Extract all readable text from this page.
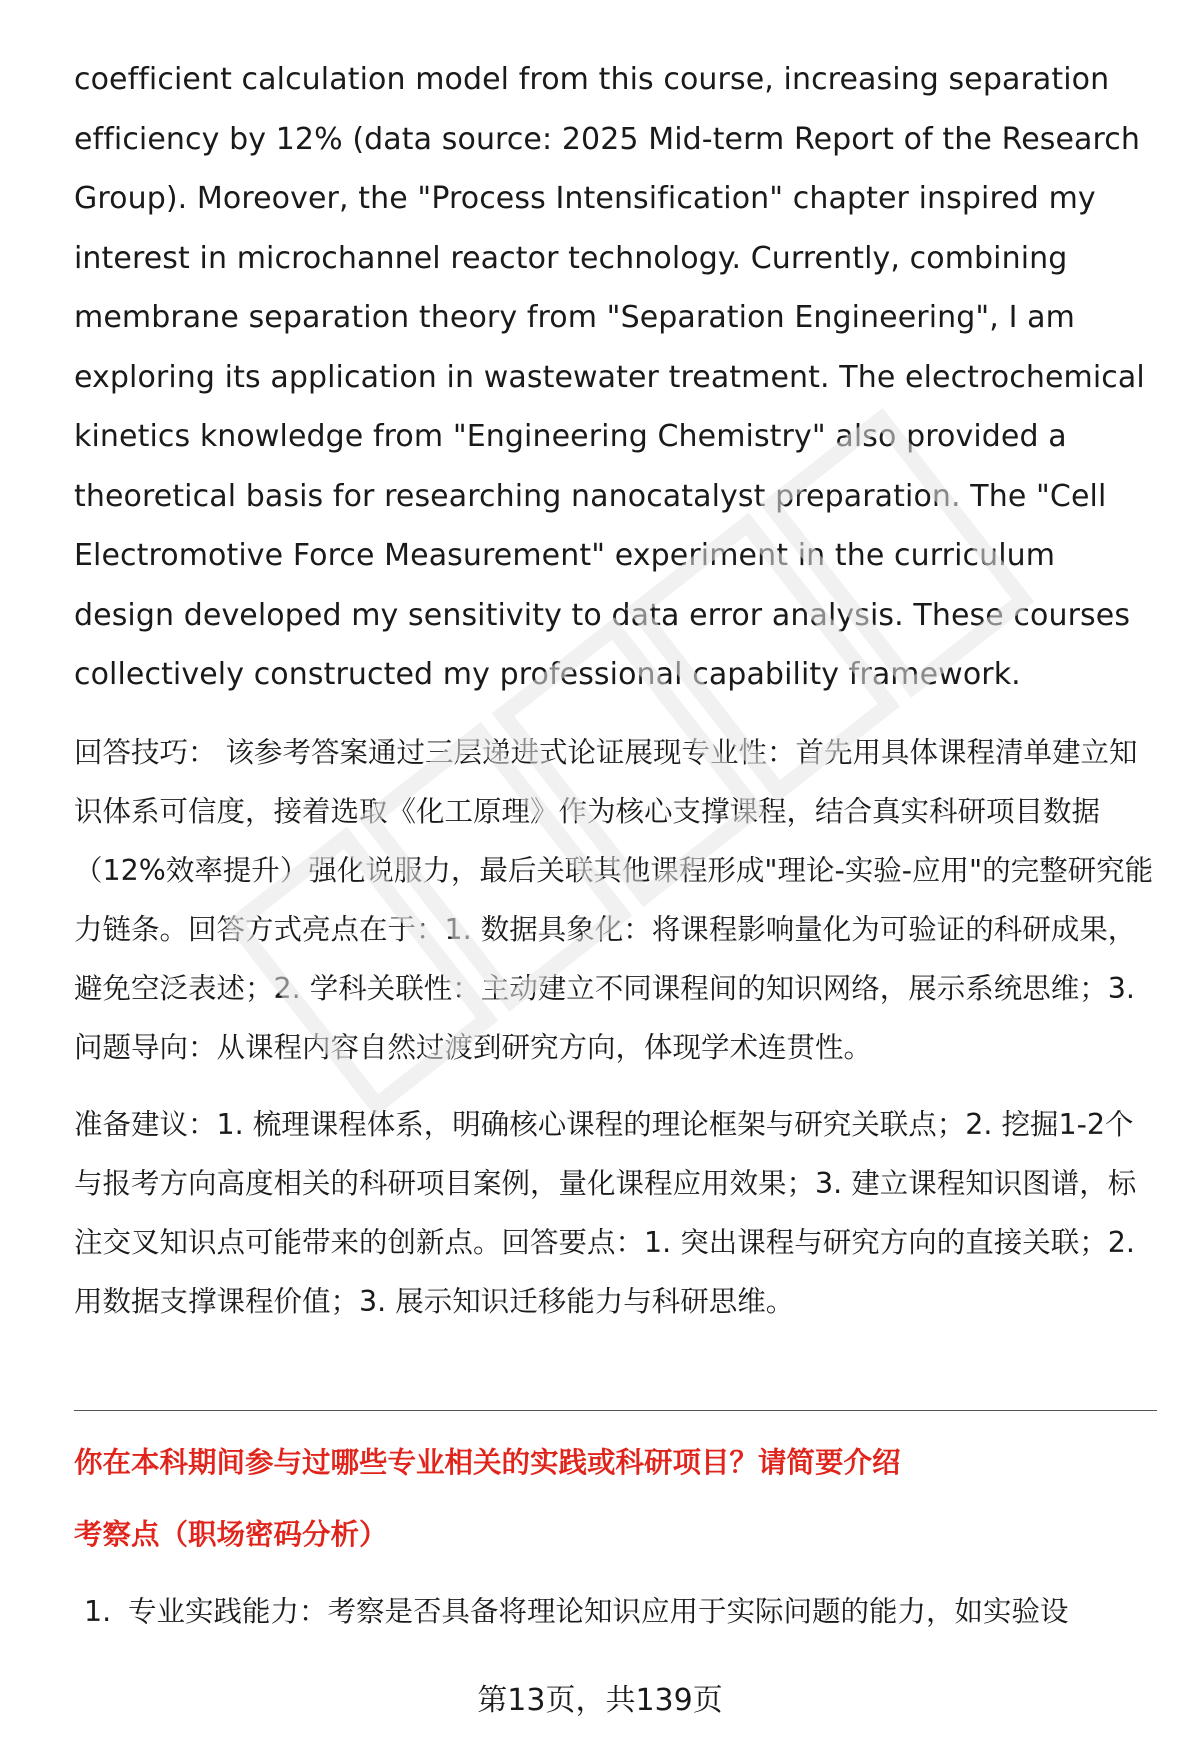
coefficient calculation model from this course, increasing separation efficiency by 12% (data source: 2025 Mid-term Report of the Research Group). Moreover, the "Process Intensification" chapter inspired my interest in microchannel reactor technology. Currently, combining membrane separation theory from "Separation Engineering", I am exploring its application in wastewater treatment. The electrochemical kinetics knowledge from "Engineering Chemistry" also provided a theoretical basis for researching nanocatalyst preparation. The "Cell Electromotive Force Measurement" experiment in the curriculum design developed my sensitivity to data error analysis. These courses collectively constructed my professional capability framework.

回答技巧： 该参考答案通过三层递进式论证展现专业性：首先用具体课程清单建立知识体系可信度，接着选取《化工原理》作为核心支撑课程，结合真实科研项目数据（12%效率提升）强化说服力，最后关联其他课程形成"理论-实验-应用"的完整研究能力链条。回答方式亮点在于：1. 数据具象化：将课程影响量化为可验证的科研成果，避免空泛表述；2. 学科关联性：主动建立不同课程间的知识网络，展示系统思维；3. 问题导向：从课程内容自然过渡到研究方向，体现学术连贯性。

准备建议：1. 梳理课程体系，明确核心课程的理论框架与研究关联点；2. 挖掘1-2个与报考方向高度相关的科研项目案例，量化课程应用效果；3. 建立课程知识图谱，标注交叉知识点可能带来的创新点。回答要点：1. 突出课程与研究方向的直接关联；2. 用数据支撑课程价值；3. 展示知识迁移能力与科研思维。

你在本科期间参与过哪些专业相关的实践或科研项目？请简要介绍

考察点（职场密码分析）

1. 专业实践能力：考察是否具备将理论知识应用于实际问题的能力，如实验设

第13页，共139页
